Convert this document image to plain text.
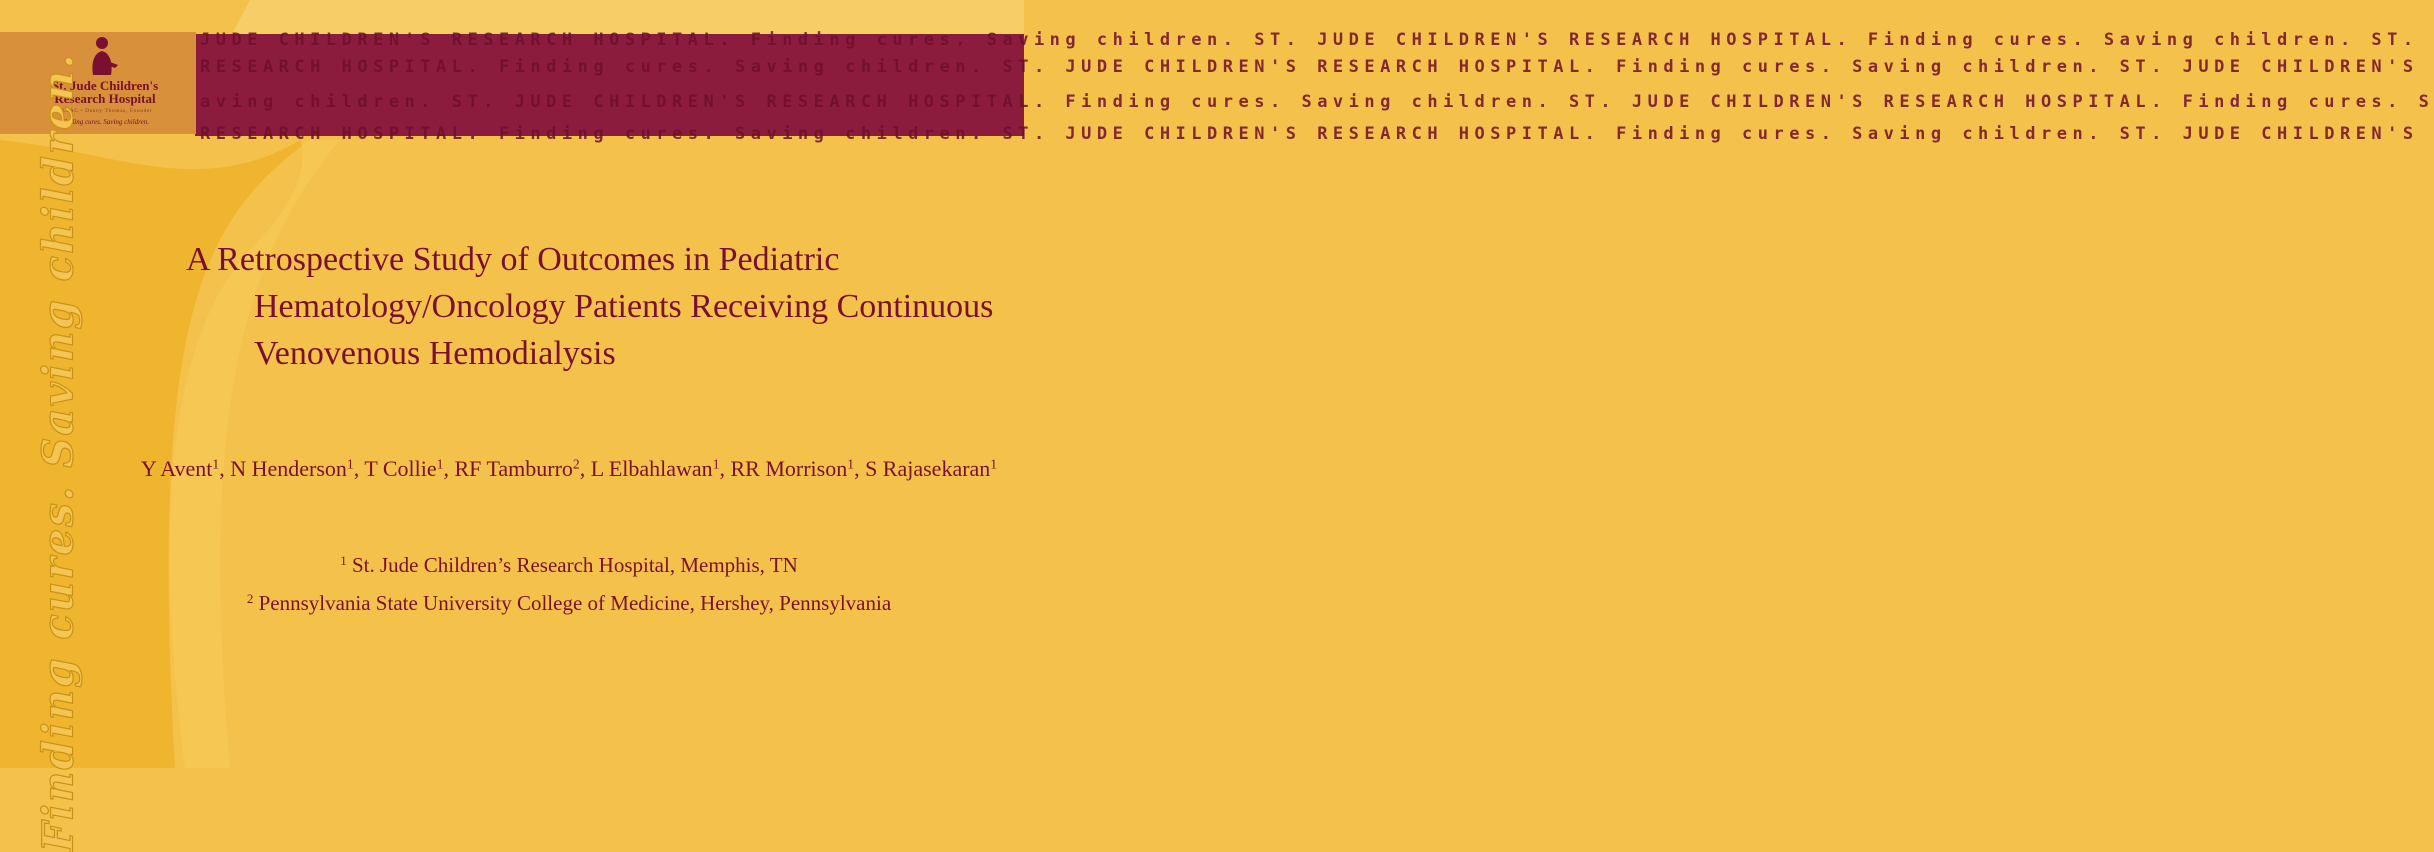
JUDE CHILDREN'S RESEARCH HOSPITAL. Finding cures. Saving children. ST. JUDE CHILDREN'S RESEARCH HOSPITAL. Finding cures. Saving children. ST.
RESEARCH HOSPITAL. Finding cures. Saving children. ST. JUDE CHILDREN'S RESEARCH HOSPITAL. Finding cures. Saving children. ST. JUDE CHILDREN'S
aving children. ST. JUDE CHILDREN'S RESEARCH HOSPITAL. Finding cures. S aving children. ST. JUDE CHILDREN'S RESEARCH HOSPITAL. Finding cures. S
RESEARCH HOSPITAL. Finding cures. Saving children. ST. JUDE CHILDREN'S RESEARCH HOSPITAL. Finding cures. Saving children. ST. JUDE CHILDREN'S
St. Jude Children's
Research Hospital
ALSAC • Danny Thomas, Founder
Finding cures. Saving children.
Finding cures. Saving children.	A Retrospective Study of Outcomes in Pediatric Hematology/Oncology Patients Receiving Continuous Venovenous Hemodialysis
Y Avent$^1$, N Henderson$^1$, T Collie$^1$, RF Tamburro$^2$, L Elbahlawan$^1$, RR Morrison$^1$, S Rajasekaran$^1$
$^1$ St. Jude Children’s Research Hospital, Memphis, TN
$^2$ Pennsylvania State University College of Medicine, Hershey, Pennsylvania
